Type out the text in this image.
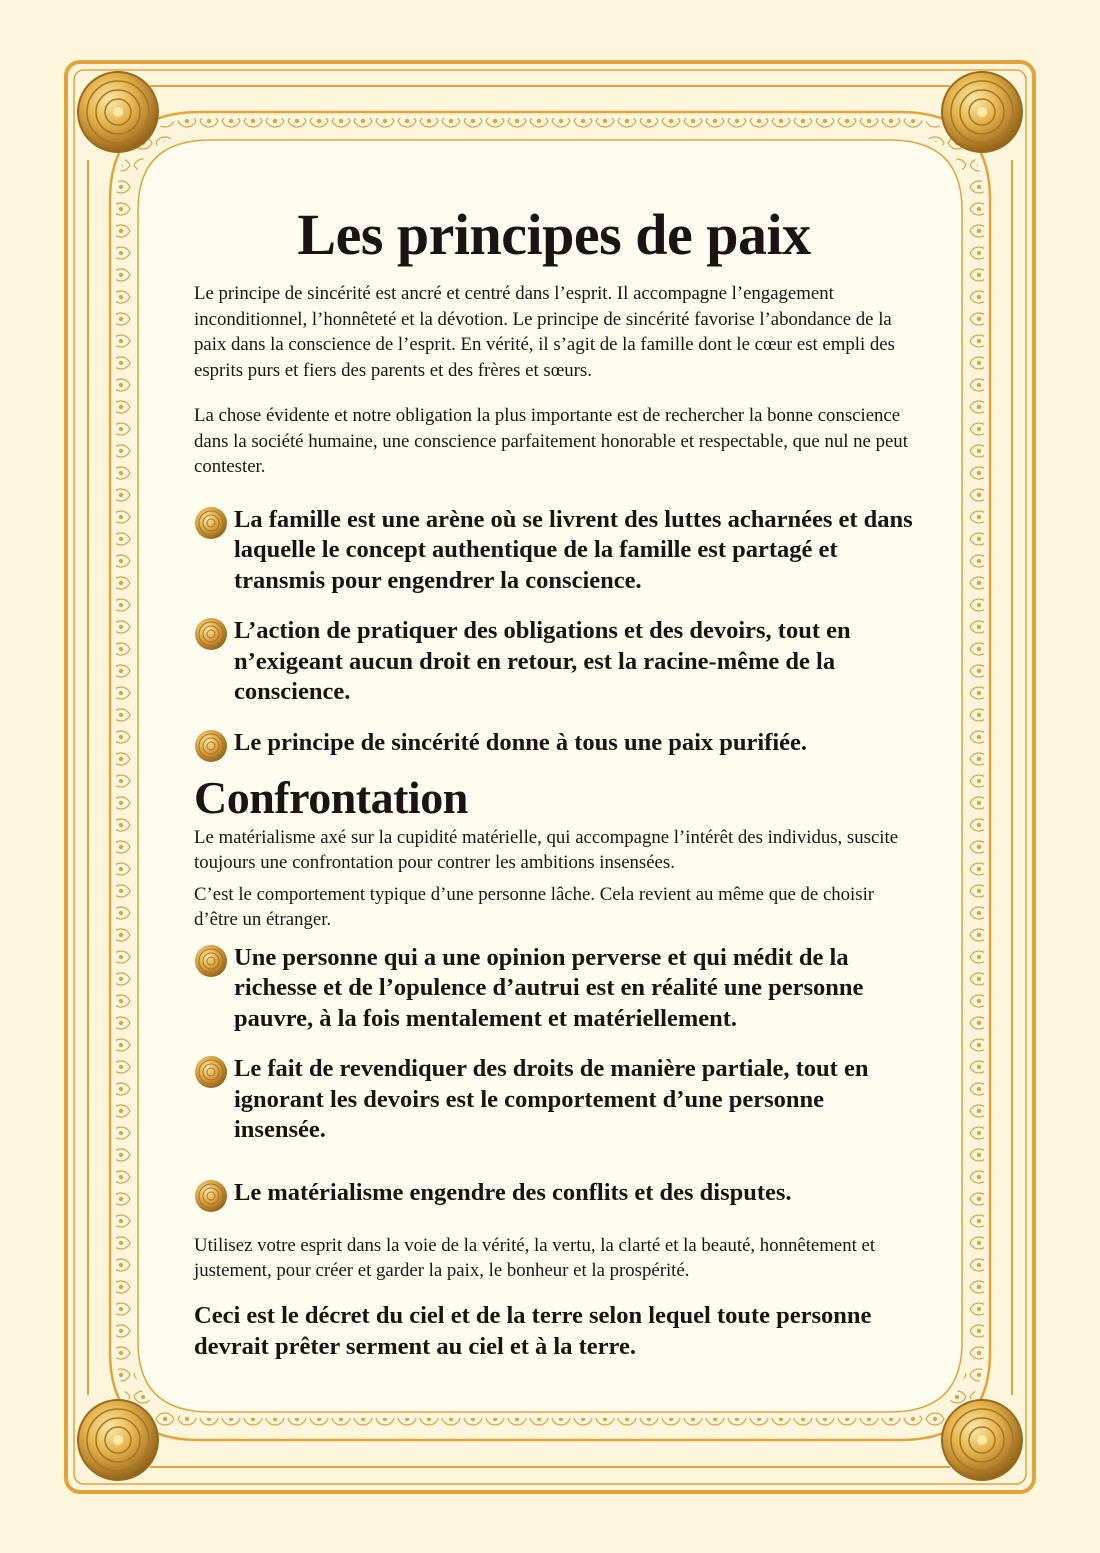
Les principes de paix

Le principe de sincérité est ancré et centré dans l’esprit. Il accompagne l’engagement inconditionnel, l’honnêteté et la dévotion. Le principe de sincérité favorise l’abondance de la paix dans la conscience de l’esprit. En vérité, il s’agit de la famille dont le cœur est empli des esprits purs et fiers des parents et des frères et sœurs.

La chose évidente et notre obligation la plus importante est de rechercher la bonne conscience dans la société humaine, une conscience parfaitement honorable et respectable, que nul ne peut contester.

La famille est une arène où se livrent des luttes acharnées et dans laquelle le concept authentique de la famille est partagé et transmis pour engendrer la conscience.
L’action de pratiquer des obligations et des devoirs, tout en n’exigeant aucun droit en retour, est la racine-même de la conscience.
Le principe de sincérité donne à tous une paix purifiée.
Confrontation

Le matérialisme axé sur la cupidité matérielle, qui accompagne l’intérêt des individus, suscite toujours une confrontation pour contrer les ambitions insensées.

C’est le comportement typique d’une personne lâche. Cela revient au même que de choisir d’être un étranger.

Une personne qui a une opinion perverse et qui médit de la richesse et de l’opulence d’autrui est en réalité une personne pauvre, à la fois mentalement et matériellement.
Le fait de revendiquer des droits de manière partiale, tout en ignorant les devoirs est le comportement d’une personne insensée.
Le matérialisme engendre des conflits et des disputes.

Utilisez votre esprit dans la voie de la vérité, la vertu, la clarté et la beauté, honnêtement et justement, pour créer et garder la paix, le bonheur et la prospérité.

Ceci est le décret du ciel et de la terre selon lequel toute personne devrait prêter serment au ciel et à la terre.
